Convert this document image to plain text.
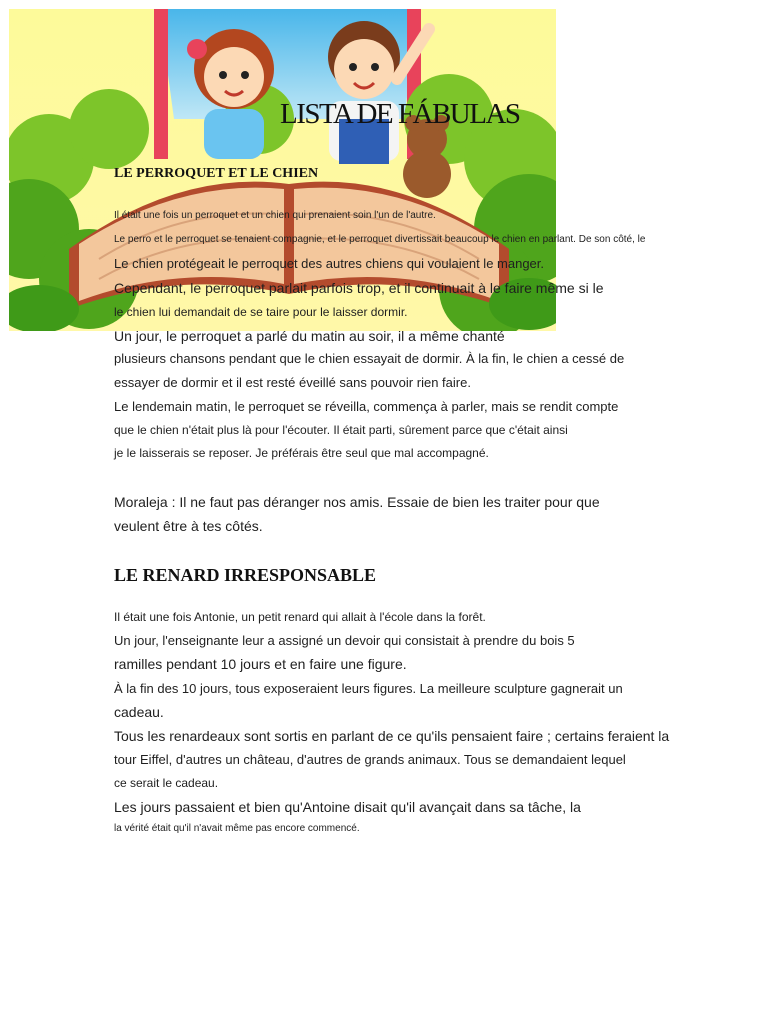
LISTA DE FÁBULAS
LE PERROQUET ET LE CHIEN
Il était une fois un perroquet et un chien qui prenaient soin l'un de l'autre.
Le perro et le perroquet se tenaient compagnie, et le perroquet divertissait beaucoup le chien en parlant. De son côté, le
Le chien protégeait le perroquet des autres chiens qui voulaient le manger.
Cependant, le perroquet parlait parfois trop, et il continuait à le faire même si le
le chien lui demandait de se taire pour le laisser dormir.
Un jour, le perroquet a parlé du matin au soir, il a même chanté
plusieurs chansons pendant que le chien essayait de dormir. À la fin, le chien a cessé de
essayer de dormir et il est resté éveillé sans pouvoir rien faire.
Le lendemain matin, le perroquet se réveilla, commença à parler, mais se rendit compte
que le chien n'était plus là pour l'écouter. Il était parti, sûrement parce que c'était ainsi
je le laisserais se reposer. Je préférais être seul que mal accompagné.
Moraleja : Il ne faut pas déranger nos amis. Essaie de bien les traiter pour que
veulent être à tes côtés.
LE RENARD IRRESPONSABLE
Il était une fois Antonie, un petit renard qui allait à l'école dans la forêt.
Un jour, l'enseignante leur a assigné un devoir qui consistait à prendre du bois 5
ramilles pendant 10 jours et en faire une figure.
À la fin des 10 jours, tous exposeraient leurs figures. La meilleure sculpture gagnerait un
cadeau.
Tous les renardeaux sont sortis en parlant de ce qu'ils pensaient faire ; certains feraient la
tour Eiffel, d'autres un château, d'autres de grands animaux. Tous se demandaient lequel
ce serait le cadeau.
Les jours passaient et bien qu'Antoine disait qu'il avançait dans sa tâche, la
la vérité était qu'il n'avait même pas encore commencé.
